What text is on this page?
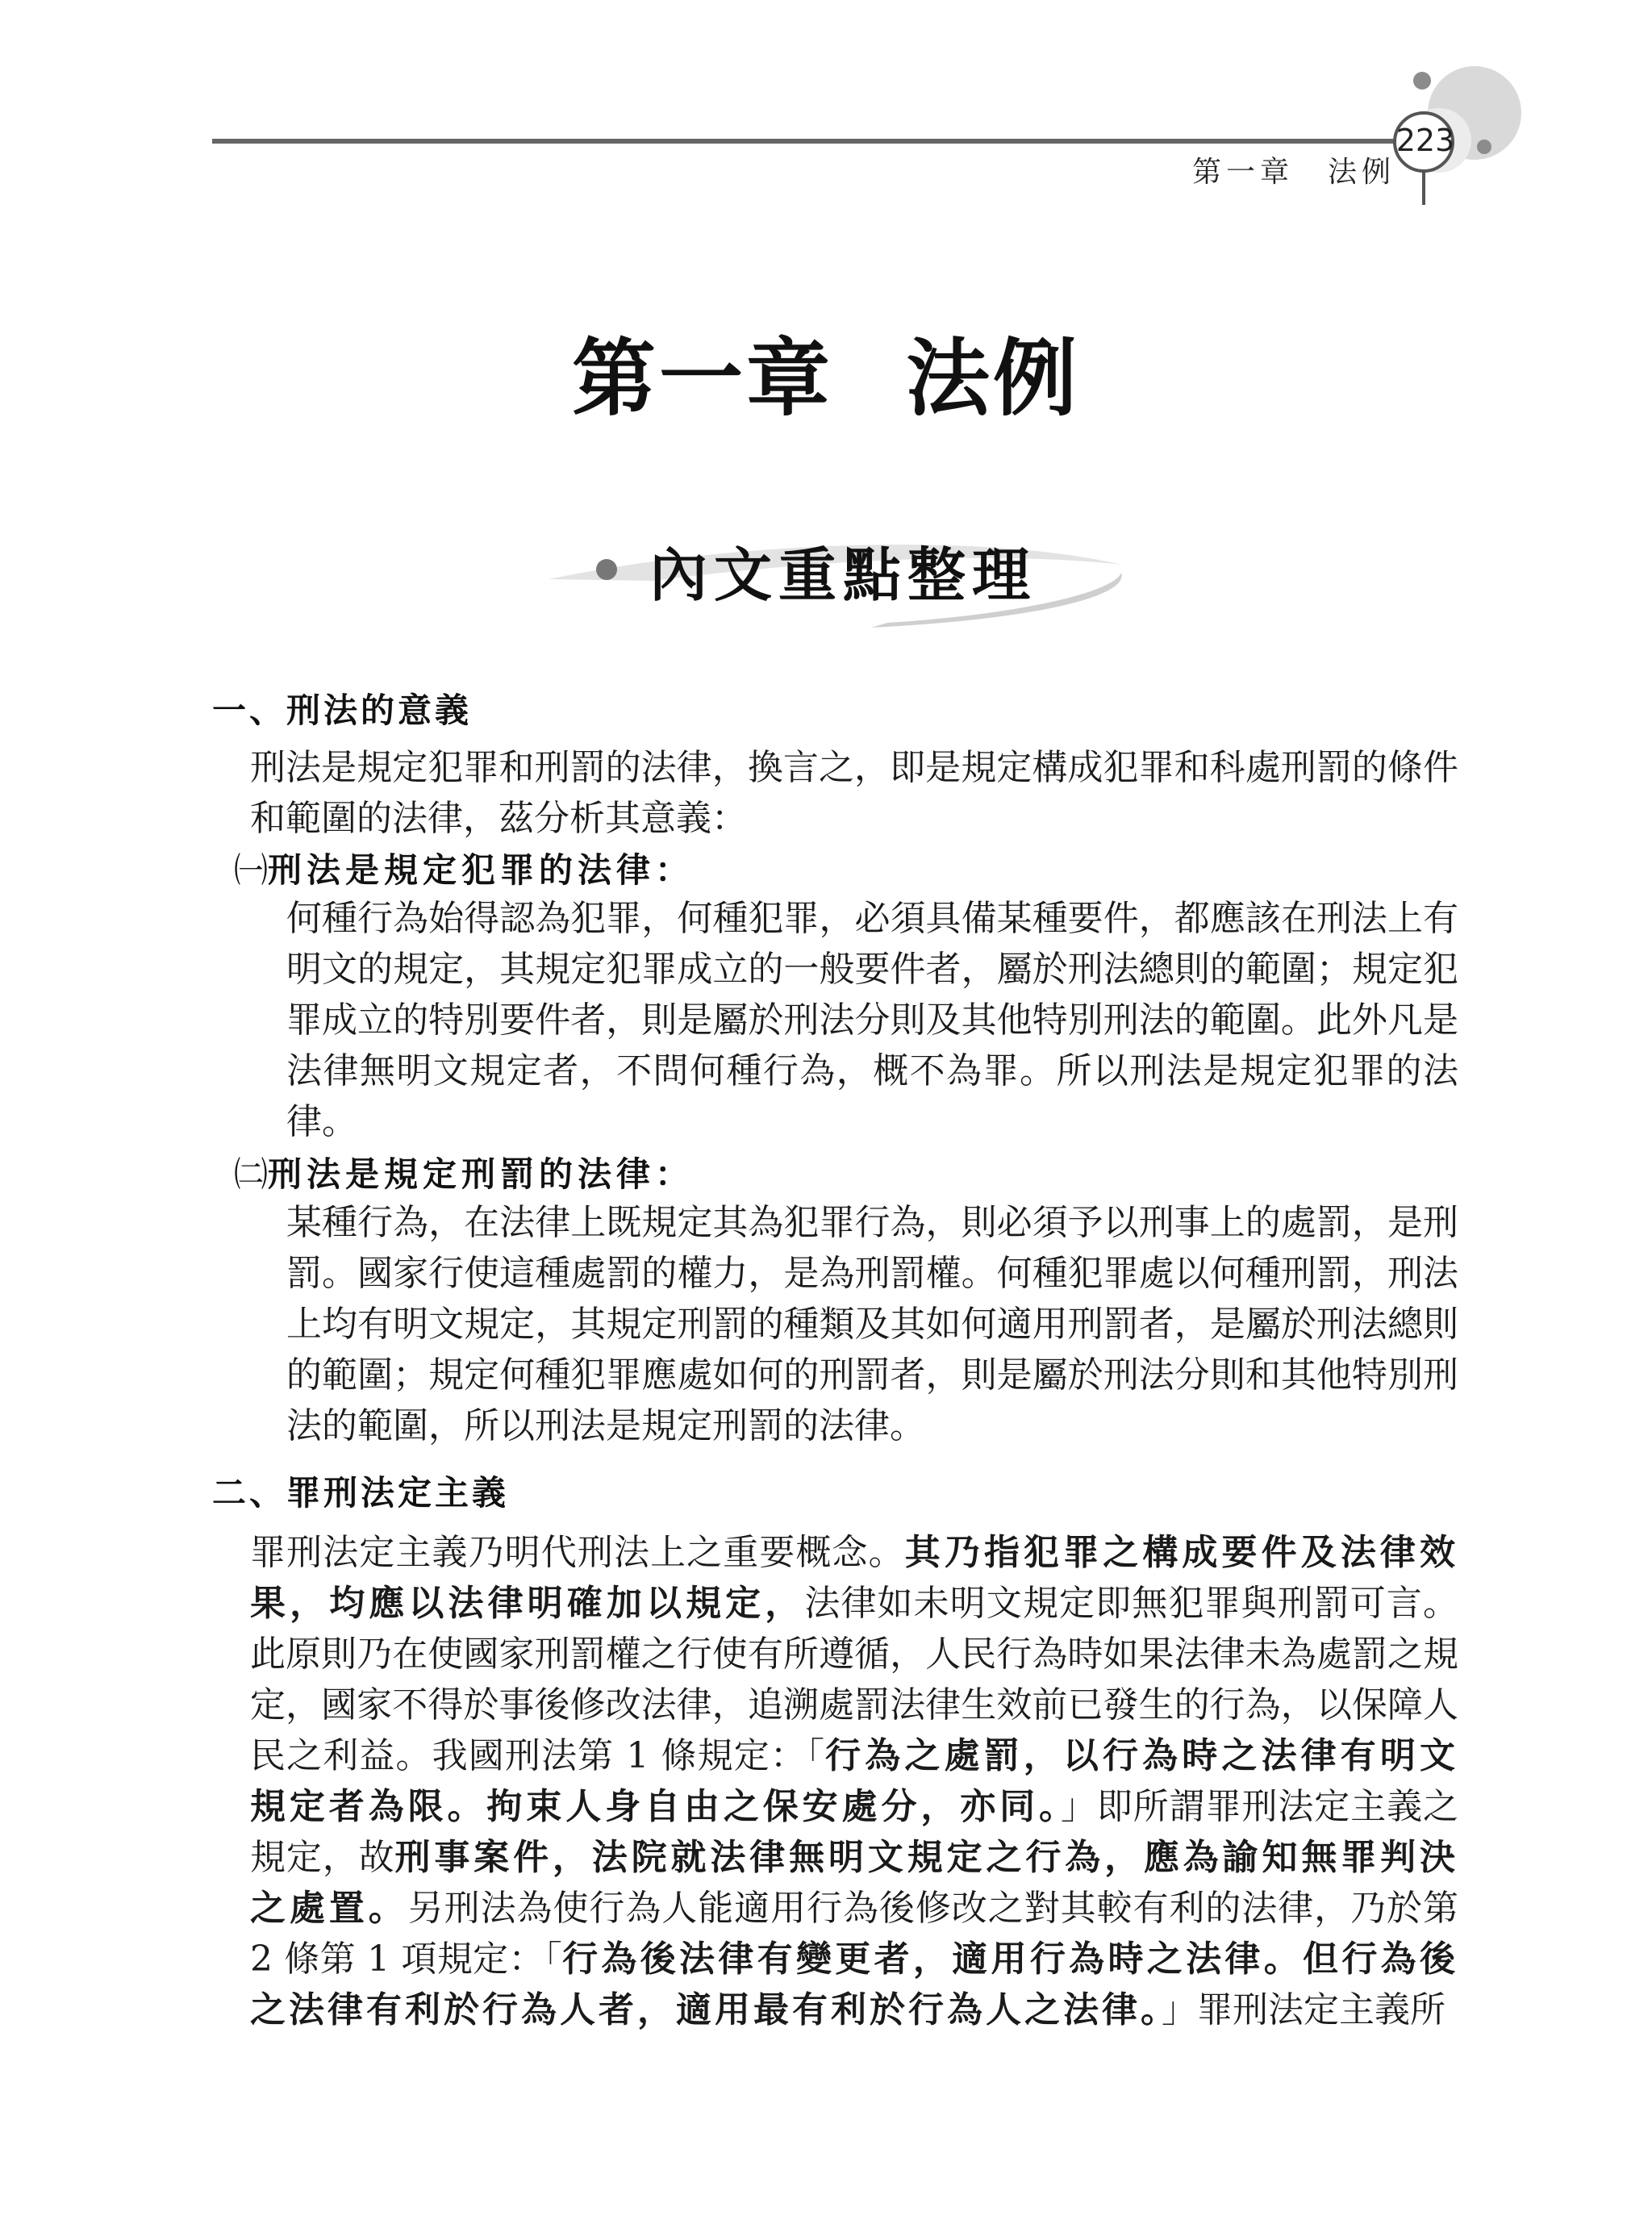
第一章　法例
223
第一章 法例
內文重點整理
一、刑法的意義
刑法是規定犯罪和刑罰的法律，換言之，即是規定構成犯罪和科處刑罰的條件和範圍的法律，茲分析其意義：
㈠刑法是規定犯罪的法律：
何種行為始得認為犯罪，何種犯罪，必須具備某種要件，都應該在刑法上有明文的規定，其規定犯罪成立的一般要件者，屬於刑法總則的範圍；規定犯罪成立的特別要件者，則是屬於刑法分則及其他特別刑法的範圍。此外凡是法律無明文規定者，不問何種行為，概不為罪。所以刑法是規定犯罪的法律。
㈡刑法是規定刑罰的法律：
某種行為，在法律上既規定其為犯罪行為，則必須予以刑事上的處罰，是刑罰。國家行使這種處罰的權力，是為刑罰權。何種犯罪處以何種刑罰，刑法上均有明文規定，其規定刑罰的種類及其如何適用刑罰者，是屬於刑法總則的範圍；規定何種犯罪應處如何的刑罰者，則是屬於刑法分則和其他特別刑法的範圍，所以刑法是規定刑罰的法律。
二、罪刑法定主義
罪刑法定主義乃明代刑法上之重要概念。其乃指犯罪之構成要件及法律效果，均應以法律明確加以規定，法律如未明文規定即無犯罪與刑罰可言。此原則乃在使國家刑罰權之行使有所遵循，人民行為時如果法律未為處罰之規定，國家不得於事後修改法律，追溯處罰法律生效前已發生的行為，以保障人民之利益。我國刑法第 1 條規定：「行為之處罰，以行為時之法律有明文規定者為限。拘束人身自由之保安處分，亦同。」即所謂罪刑法定主義之規定，故刑事案件，法院就法律無明文規定之行為，應為諭知無罪判決之處置。另刑法為使行為人能適用行為後修改之對其較有利的法律，乃於第 2 條第 1 項規定：「行為後法律有變更者，適用行為時之法律。但行為後之法律有利於行為人者，適用最有利於行為人之法律。」罪刑法定主義所
